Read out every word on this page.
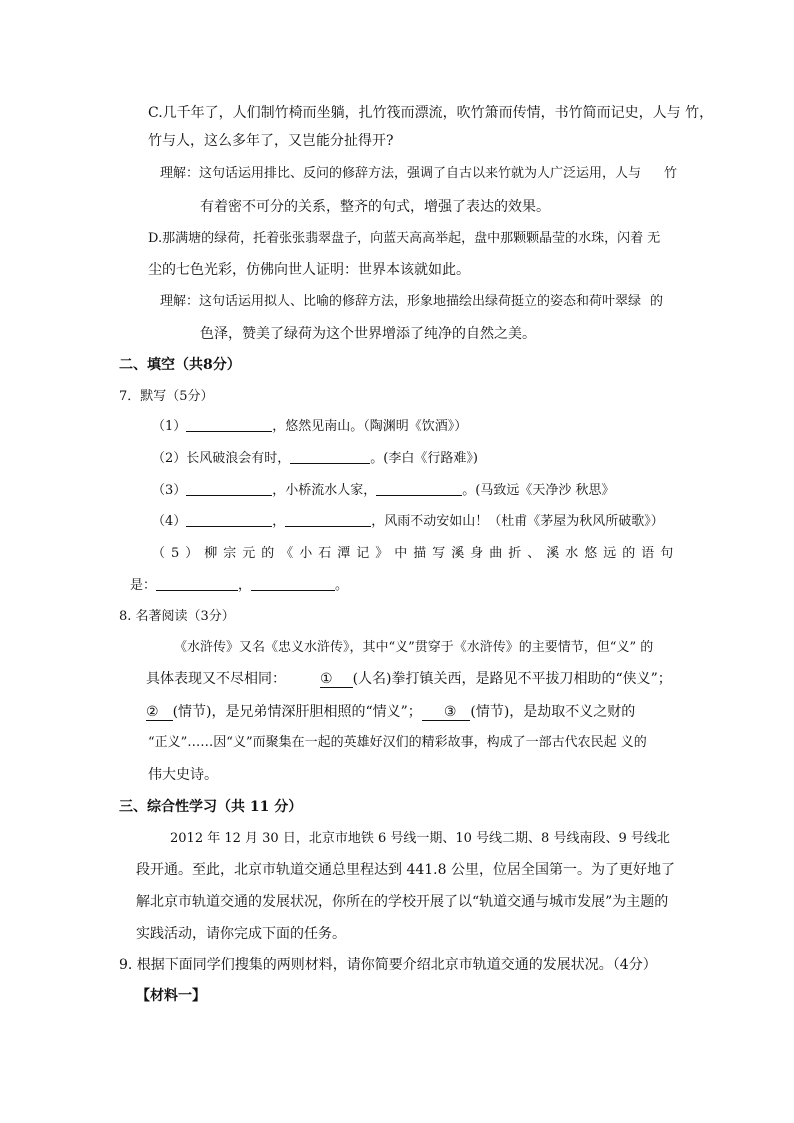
C.几千年了，人们制竹椅而坐躺，扎竹筏而漂流，吹竹箫而传情，书竹简而记史，人与 竹，
竹与人，这么多年了，又岂能分扯得开?
理解：这句话运用排比、反问的修辞方法，强调了自古以来竹就为人广泛运用，人与 竹
有着密不可分的关系，整齐的句式，增强了表达的效果。
D.那满塘的绿荷，托着张张翡翠盘子，向蓝天高高举起，盘中那颗颗晶莹的水珠，闪着 无
尘的七色光彩，仿佛向世人证明：世界本该就如此。
理解：这句话运用拟人、比喻的修辞方法，形象地描绘出绿荷挺立的姿态和荷叶翠绿 的
色泽，赞美了绿荷为这个世界增添了纯净的自然之美。
二、填空（共8分）
7．默写（5分）
（1）	，悠然见南山。（陶渊明《饮酒》）
（2）长风破浪会有时，	。(李白《行路难》)
（3）	，小桥流水人家，	。(马致远《天净沙 秋思》
（4）	，	，风雨不动安如山！（杜甫《茅屋为秋风所破歌》）
（5）柳宗元的《小石潭记》中描写溪身曲折、溪水悠远的语句
是：	，	。
8. 名著阅读（3分）
《水浒传》又名《忠义水浒传》，其中“义”贯穿于《水浒传》的主要情节，但“义” 的
具体表现又不尽相同： ① (人名)拳打镇关西，是路见不平拔刀相助的“侠义”；
② (情节)，是兄弟情深肝胆相照的“情义”； ③ (情节)，是劫取不义之财的
“正义”……因“义”而聚集在一起的英雄好汉们的精彩故事，构成了一部古代农民起 义的
伟大史诗。
三、综合性学习（共 11 分）
2012 年 12 月 30 日，北京市地铁 6 号线一期、10 号线二期、8 号线南段、9 号线北
段开通。至此，北京市轨道交通总里程达到 441.8 公里，位居全国第一。为了更好地了
解北京市轨道交通的发展状况，你所在的学校开展了以“轨道交通与城市发展”为主题的
实践活动，请你完成下面的任务。
9. 根据下面同学们搜集的两则材料，请你简要介绍北京市轨道交通的发展状况。（4分）
【材料一】
